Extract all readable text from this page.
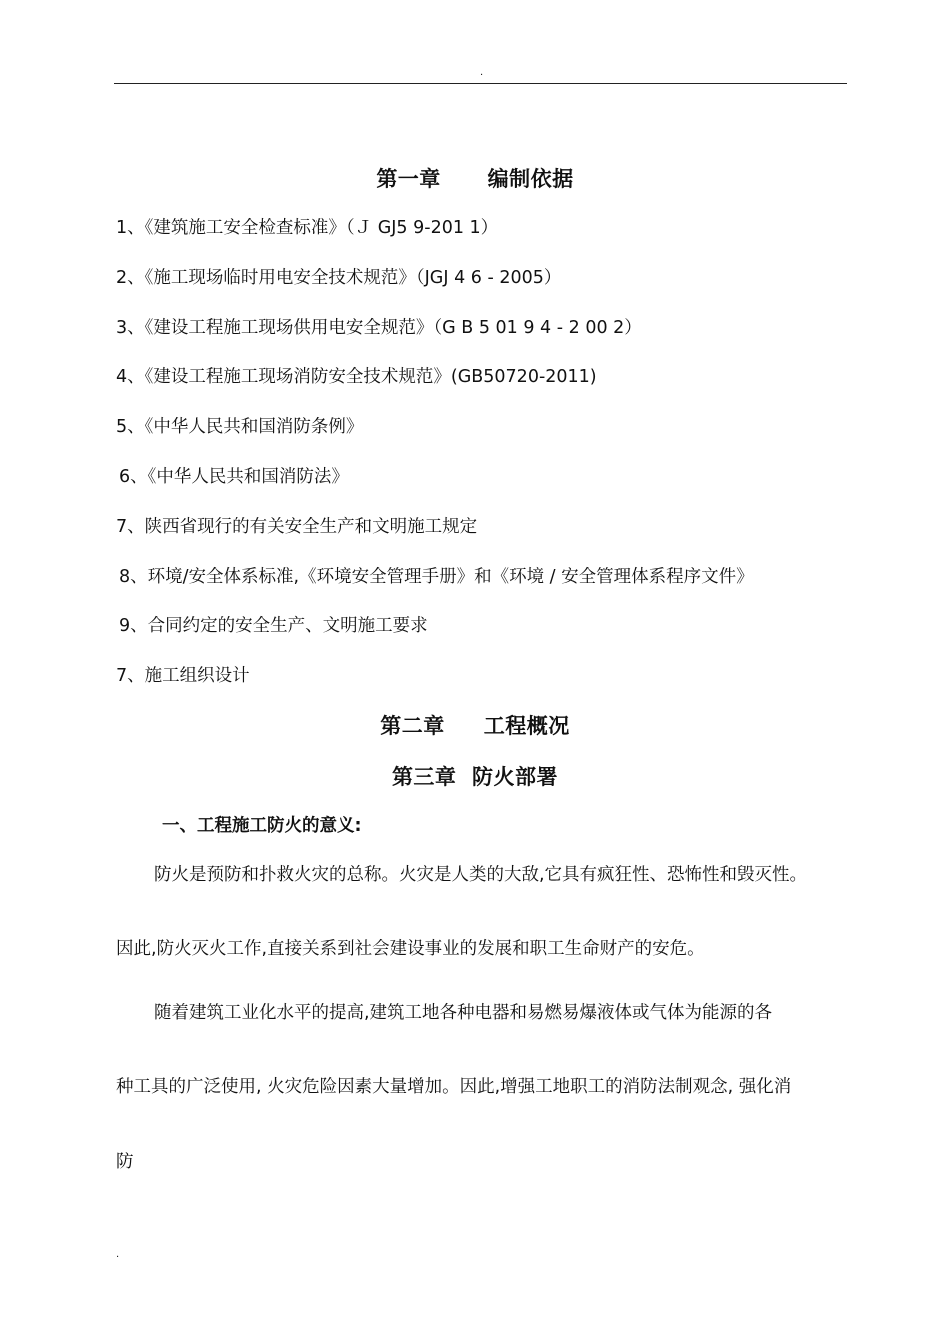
.
第一章      编制依据
1、《建筑施工安全检查标准》（Ｊ GJ5 9-201 1）
2、《施工现场临时用电安全技术规范》（JGJ 4 6 - 2005）
3、《建设工程施工现场供用电安全规范》（G B 5 01 9 4 - 2 00 2）
4、《建设工程施工现场消防安全技术规范》(GB50720-2011)
5、《中华人民共和国消防条例》
6、《中华人民共和国消防法》
7、陕西省现行的有关安全生产和文明施工规定
8、环境/安全体系标准,《环境安全管理手册》和《环境 / 安全管理体系程序文件》
9、合同约定的安全生产、文明施工要求
7、施工组织设计
第二章     工程概况
第三章  防火部署
一、工程施工防火的意义:
防火是预防和扑救火灾的总称。火灾是人类的大敌,它具有疯狂性、恐怖性和毁灭性。
因此,防火灭火工作,直接关系到社会建设事业的发展和职工生命财产的安危。
随着建筑工业化水平的提高,建筑工地各种电器和易燃易爆液体或气体为能源的各
种工具的广泛使用, 火灾危险因素大量增加。因此,增强工地职工的消防法制观念, 强化消
防
.
